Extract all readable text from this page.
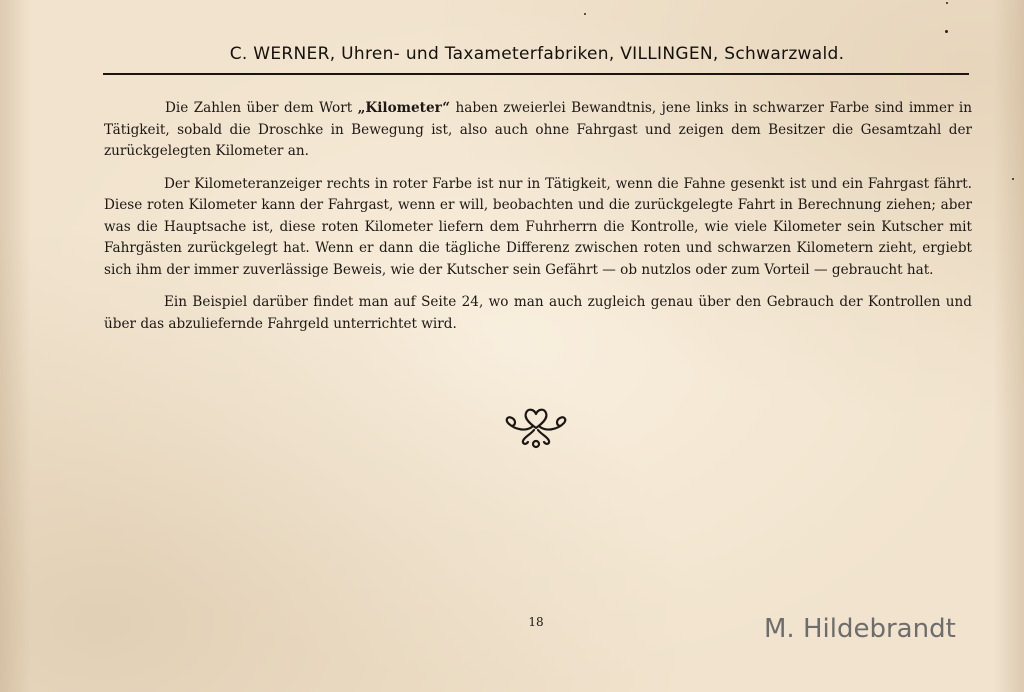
C. WERNER, Uhren- und Taxameterfabriken, VILLINGEN, Schwarzwald.

Die Zahlen über dem Wort „Kilometer“ haben zweierlei Bewandtnis, jene links in schwarzer Farbe sind immer in Tätigkeit, sobald die Droschke in Bewegung ist, also auch ohne Fahrgast und zeigen dem Besitzer die Gesamtzahl der zurückgelegten Kilometer an.

Der Kilometeranzeiger rechts in roter Farbe ist nur in Tätigkeit, wenn die Fahne gesenkt ist und ein Fahrgast fährt. Diese roten Kilometer kann der Fahrgast, wenn er will, beobachten und die zurückgelegte Fahrt in Berechnung ziehen; aber was die Hauptsache ist, diese roten Kilometer liefern dem Fuhrherrn die Kontrolle, wie viele Kilometer sein Kutscher mit Fahrgästen zurückgelegt hat. Wenn er dann die tägliche Differenz zwischen roten und schwarzen Kilometern zieht, ergiebt sich ihm der immer zuverlässige Beweis, wie der Kutscher sein Gefährt — ob nutzlos oder zum Vorteil — gebraucht hat.

Ein Beispiel darüber findet man auf Seite 24, wo man auch zugleich genau über den Gebrauch der Kontrollen und über das abzuliefernde Fahrgeld unterrichtet wird.

18	M. Hildebrandt
